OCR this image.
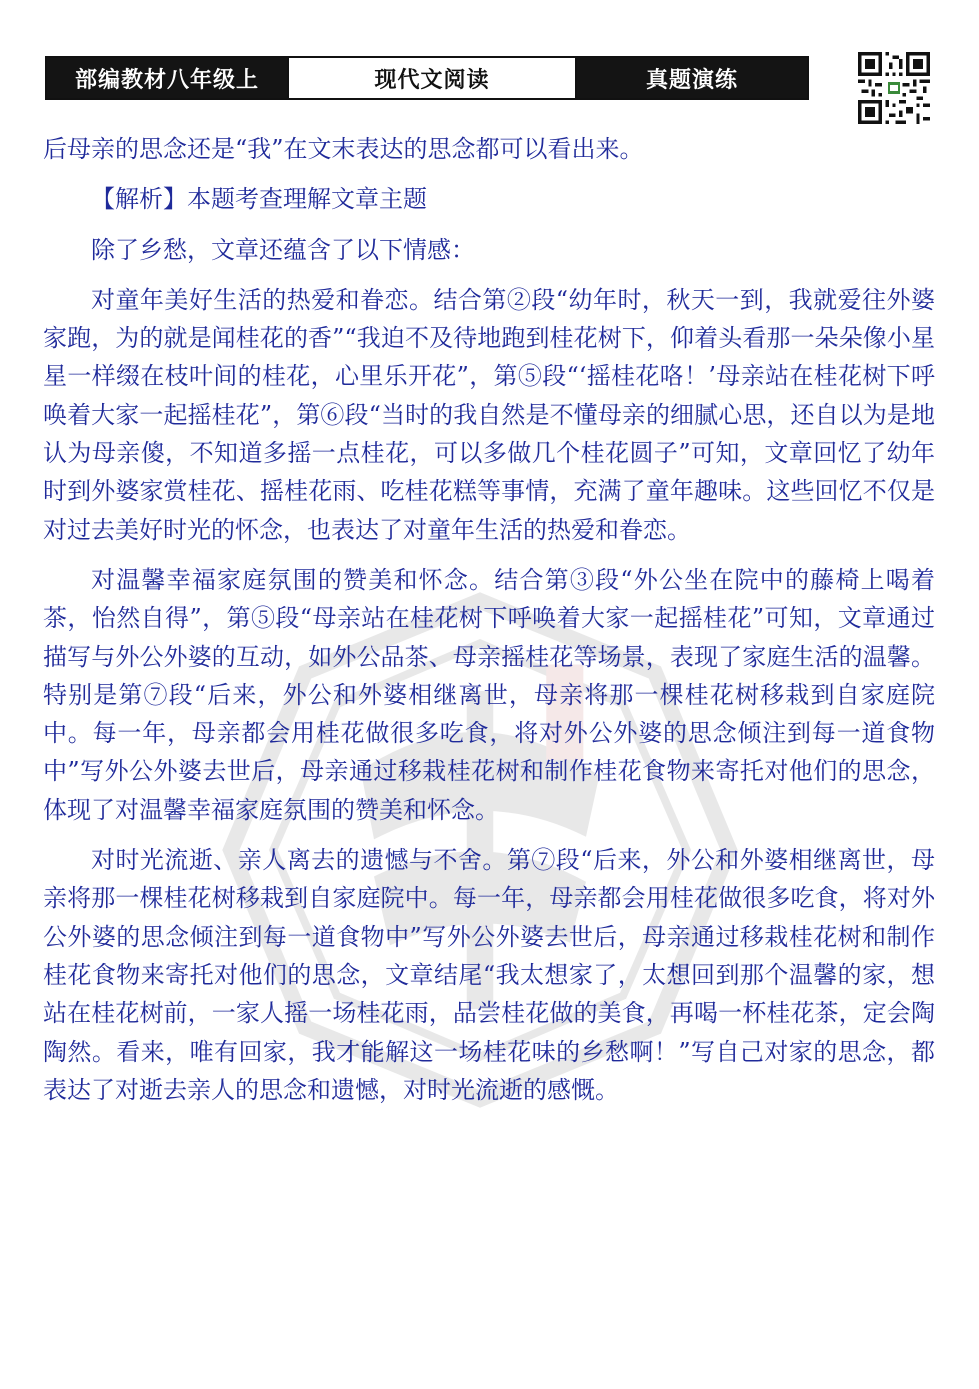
部编教材八年级上	现代文阅读	真题演练

后母亲的思念还是“我”在文末表达的思念都可以看出来。

【解析】本题考查理解文章主题

除了乡愁，文章还蕴含了以下情感：

对童年美好生活的热爱和眷恋。结合第②段“幼年时，秋天一到，我就爱往外婆家跑，为的就是闻桂花的香”“我迫不及待地跑到桂花树下，仰着头看那一朵朵像小星星一样缀在枝叶间的桂花，心里乐开花”，第⑤段“‘摇桂花咯！’母亲站在桂花树下呼唤着大家一起摇桂花”，第⑥段“当时的我自然是不懂母亲的细腻心思，还自以为是地认为母亲傻，不知道多摇一点桂花，可以多做几个桂花圆子”可知，文章回忆了幼年时到外婆家赏桂花、摇桂花雨、吃桂花糕等事情，充满了童年趣味。这些回忆不仅是对过去美好时光的怀念，也表达了对童年生活的热爱和眷恋。

对温馨幸福家庭氛围的赞美和怀念。结合第③段“外公坐在院中的藤椅上喝着茶，怡然自得”，第⑤段“母亲站在桂花树下呼唤着大家一起摇桂花”可知，文章通过描写与外公外婆的互动，如外公品茶、母亲摇桂花等场景，表现了家庭生活的温馨。特别是第⑦段“后来，外公和外婆相继离世，母亲将那一棵桂花树移栽到自家庭院中。每一年，母亲都会用桂花做很多吃食，将对外公外婆的思念倾注到每一道食物中”写外公外婆去世后，母亲通过移栽桂花树和制作桂花食物来寄托对他们的思念，体现了对温馨幸福家庭氛围的赞美和怀念。

对时光流逝、亲人离去的遗憾与不舍。第⑦段“后来，外公和外婆相继离世，母亲将那一棵桂花树移栽到自家庭院中。每一年，母亲都会用桂花做很多吃食，将对外公外婆的思念倾注到每一道食物中”写外公外婆去世后，母亲通过移栽桂花树和制作桂花食物来寄托对他们的思念，文章结尾“我太想家了，太想回到那个温馨的家，想站在桂花树前，一家人摇一场桂花雨，品尝桂花做的美食，再喝一杯桂花茶，定会陶陶然。看来，唯有回家，我才能解这一场桂花味的乡愁啊！”写自己对家的思念，都表达了对逝去亲人的思念和遗憾，对时光流逝的感慨。
